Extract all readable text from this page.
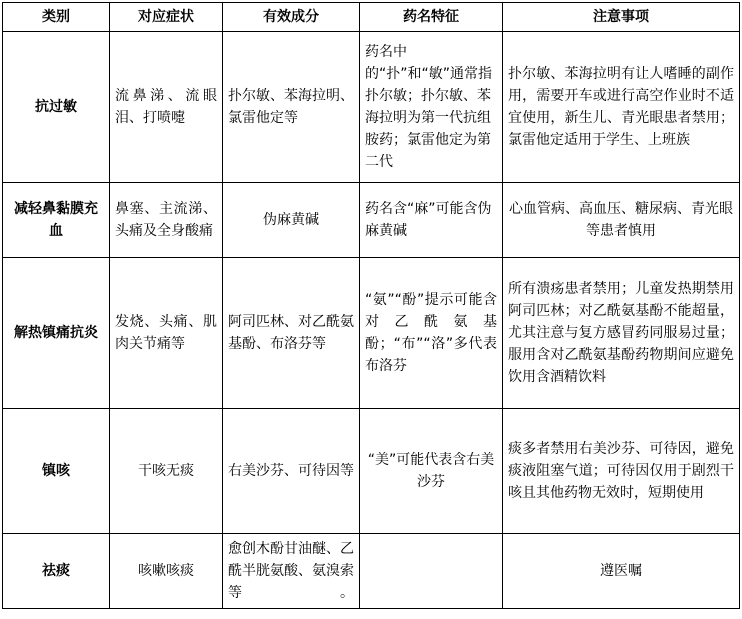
类别	对应症状	有效成分	药名特征	注意事项
抗过敏	流鼻涕、流眼泪、打喷嚏	扑尔敏、苯海拉明、氯雷他定等	药名中的“扑”和“敏”通常指扑尔敏；扑尔敏、苯海拉明为第一代抗组胺药；氯雷他定为第二代	扑尔敏、苯海拉明有让人嗜睡的副作用，需要开车或进行高空作业时不适宜使用，新生儿、青光眼患者禁用；氯雷他定适用于学生、上班族
减轻鼻黏膜充血	鼻塞、主流涕、头痛及全身酸痛	伪麻黄碱	药名含“麻”可能含伪麻黄碱	心血管病、高血压、糖尿病、青光眼等患者慎用
解热镇痛抗炎	发烧、头痛、肌肉关节痛等	阿司匹林、对乙酰氨基酚、布洛芬等	“氨”“酚”提示可能含对乙酰氨基酚；“布”“洛”多代表布洛芬	所有溃疡患者禁用；儿童发热期禁用阿司匹林；对乙酰氨基酚不能超量，尤其注意与复方感冒药同服易过量；服用含对乙酰氨基酚药物期间应避免饮用含酒精饮料
镇咳	干咳无痰	右美沙芬、可待因等	“美”可能代表含右美沙芬	痰多者禁用右美沙芬、可待因，避免痰液阻塞气道；可待因仅用于剧烈干咳且其他药物无效时，短期使用
祛痰	咳嗽咳痰	愈创木酚甘油醚、乙酰半胱氨酸、氨溴索等。		遵医嘱
